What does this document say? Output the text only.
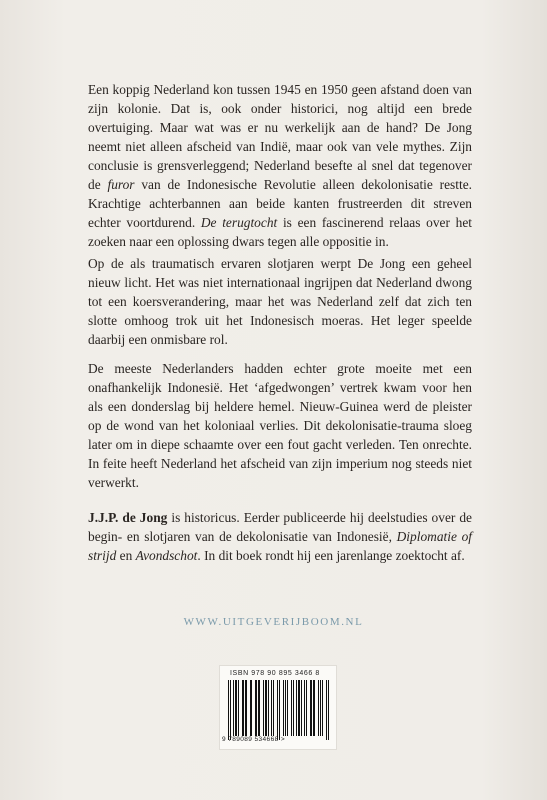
Een koppig Nederland kon tussen 1945 en 1950 geen afstand doen van zijn kolonie. Dat is, ook onder historici, nog altijd een brede overtuiging. Maar wat was er nu werkelijk aan de hand? De Jong neemt niet alleen afscheid van Indië, maar ook van vele mythes. Zijn conclusie is grensverleggend; Nederland besefte al snel dat tegenover de furor van de Indonesische Revolutie alleen dekolonisatie restte. Krachtige achterbannen aan beide kanten frustreerden dit streven echter voortdurend. De terugtocht is een fascinerend relaas over het zoeken naar een oplossing dwars tegen alle oppositie in.

Op de als traumatisch ervaren slotjaren werpt De Jong een geheel nieuw licht. Het was niet internationaal ingrijpen dat Nederland dwong tot een koersverandering, maar het was Nederland zelf dat zich ten slotte omhoog trok uit het Indonesisch moeras. Het leger speelde daarbij een onmisbare rol.

De meeste Nederlanders hadden echter grote moeite met een onafhankelijk Indonesië. Het ‘afgedwongen’ vertrek kwam voor hen als een donderslag bij heldere hemel. Nieuw-Guinea werd de pleister op de wond van het koloniaal verlies. Dit dekolonisatie-trauma sloeg later om in diepe schaamte over een fout gacht verleden. Ten onrechte. In feite heeft Nederland het afscheid van zijn imperium nog steeds niet verwerkt.

J.J.P. de Jong is historicus. Eerder publiceerde hij deelstudies over de begin- en slotjaren van de dekolonisatie van Indonesië, Diplomatie of strijd en Avondschot. In dit boek rondt hij een jarenlange zoektocht af.

WWW.UITGEVERIJBOOM.NL
ISBN 978 90 895 3466 8
9 789089 534668 >
